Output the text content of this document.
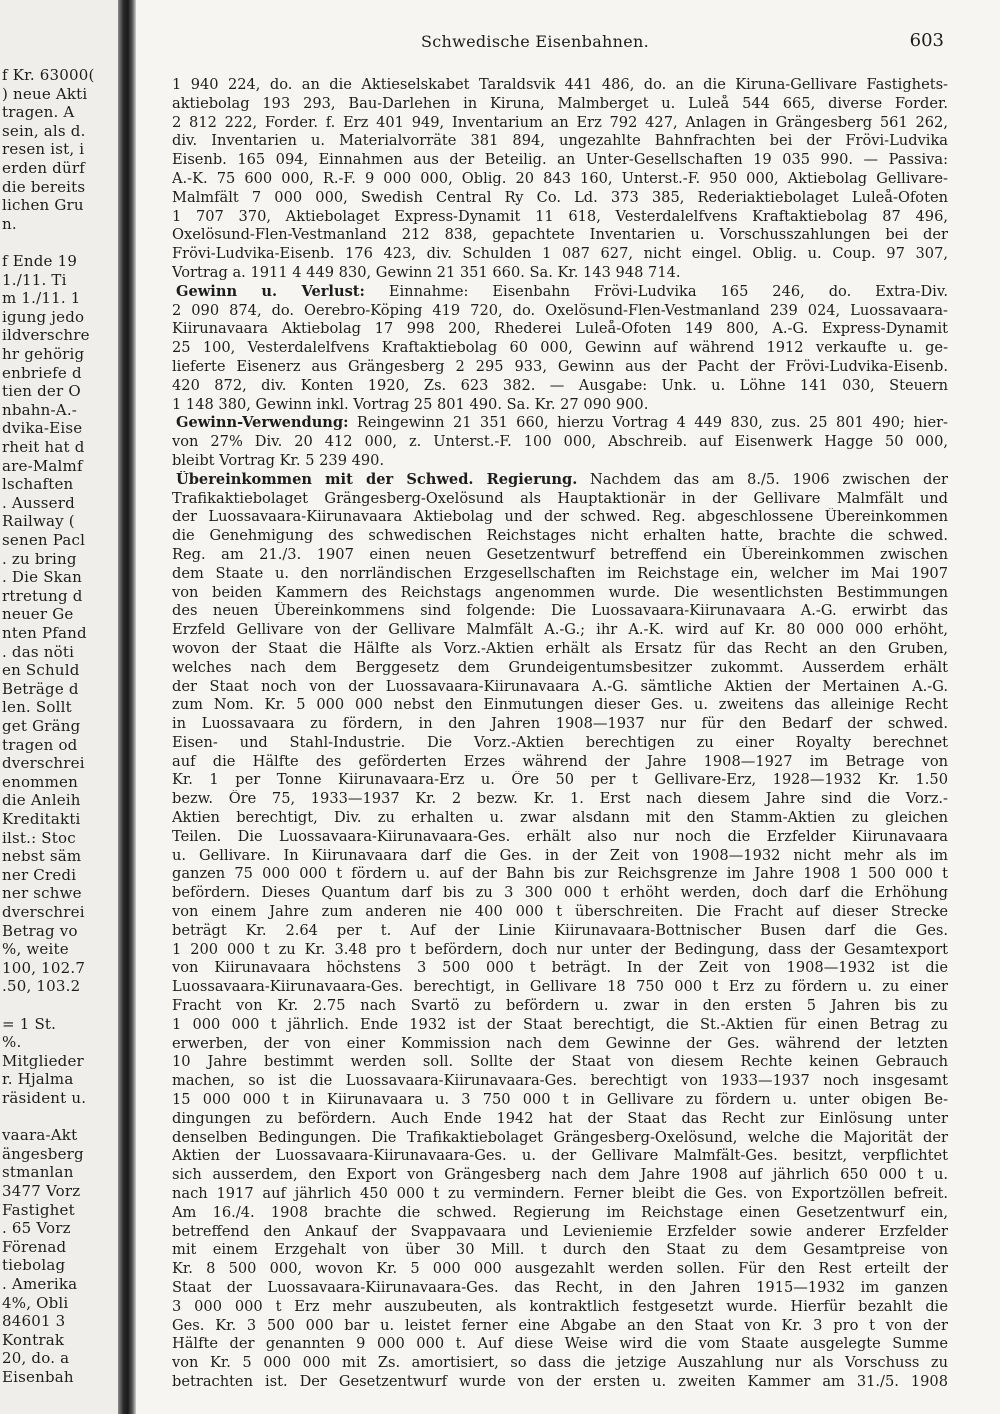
f Kr. 63000(
) neue Akti
tragen. A
sein, als d.
resen ist, i
erden dürf
die bereits
lichen Gru
n.
f Ende 19
1./11. Ti
m 1./11. 1
igung jedo
ildverschre
hr gehörig
enbriefe d
tien der O
nbahn-A.-
dvika-Eise
rheit hat d
are-Malmf
lschaften
. Ausserd
Railway (
senen Pacl
. zu bring
. Die Skan
rtretung d
neuer Ge
nten Pfand
. das nöti
en Schuld
Beträge d
len. Sollt
get Gräng
tragen od
dverschrei
enommen
die Anleih
Kreditakti
ilst.: Stoc
nebst säm
ner Credi
ner schwe
dverschrei
Betrag vo
%, weite
100, 102.7
.50, 103.2
= 1 St.
%.
Mitglieder
r. Hjalma
räsident u.
vaara-Akt
ängesberg
stmanlan
3477 Vorz
Fastighet
. 65 Vorz
Förenad
tiebolag
. Amerika
4%, Obli
84601 3
Kontrak
20, do. a
Eisenbah
Schwedische Eisenbahnen.	603
1 940 224, do. an die Aktieselskabet Taraldsvik 441 486, do. an die Kiruna-Gellivare Fastighets-
aktiebolag 193 293, Bau-Darlehen in Kiruna, Malmberget u. Luleå 544 665, diverse Forder.
2 812 222, Forder. f. Erz 401 949, Inventarium an Erz 792 427, Anlagen in Grängesberg 561 262,
div. Inventarien u. Materialvorräte 381 894, ungezahlte Bahnfrachten bei der Frövi-Ludvika
Eisenb. 165 094, Einnahmen aus der Beteilig. an Unter-Gesellschaften 19 035 990. — Passiva:
A.-K. 75 600 000, R.-F. 9 000 000, Oblig. 20 843 160, Unterst.-F. 950 000, Aktiebolag Gellivare-
Malmfält 7 000 000, Swedish Central Ry Co. Ld. 373 385, Rederiaktiebolaget Luleå-Ofoten
1 707 370, Aktiebolaget Express-Dynamit 11 618, Vesterdalelfvens Kraftaktiebolag 87 496,
Oxelösund-Flen-Vestmanland 212 838, gepachtete Inventarien u. Vorschusszahlungen bei der
Frövi-Ludvika-Eisenb. 176 423, div. Schulden 1 087 627, nicht eingel. Oblig. u. Coup. 97 307,
Vortrag a. 1911 4 449 830, Gewinn 21 351 660. Sa. Kr. 143 948 714.
Gewinn u. Verlust: Einnahme: Eisenbahn Frövi-Ludvika 165 246, do. Extra-Div.
2 090 874, do. Oerebro-Köping 419 720, do. Oxelösund-Flen-Vestmanland 239 024, Luossavaara-
Kiirunavaara Aktiebolag 17 998 200, Rhederei Luleå-Ofoten 149 800, A.-G. Express-Dynamit
25 100, Vesterdalelfvens Kraftaktiebolag 60 000, Gewinn auf während 1912 verkaufte u. ge-
lieferte Eisenerz aus Grängesberg 2 295 933, Gewinn aus der Pacht der Frövi-Ludvika-Eisenb.
420 872, div. Konten 1920, Zs. 623 382. — Ausgabe: Unk. u. Löhne 141 030, Steuern
1 148 380, Gewinn inkl. Vortrag 25 801 490. Sa. Kr. 27 090 900.
Gewinn-Verwendung: Reingewinn 21 351 660, hierzu Vortrag 4 449 830, zus. 25 801 490; hier-
von 27% Div. 20 412 000, z. Unterst.-F. 100 000, Abschreib. auf Eisenwerk Hagge 50 000,
bleibt Vortrag Kr. 5 239 490.
Übereinkommen mit der Schwed. Regierung. Nachdem das am 8./5. 1906 zwischen der
Trafikaktiebolaget Grängesberg-Oxelösund als Hauptaktionär in der Gellivare Malmfält und
der Luossavaara-Kiirunavaara Aktiebolag und der schwed. Reg. abgeschlossene Übereinkommen
die Genehmigung des schwedischen Reichstages nicht erhalten hatte, brachte die schwed.
Reg. am 21./3. 1907 einen neuen Gesetzentwurf betreffend ein Übereinkommen zwischen
dem Staate u. den norrländischen Erzgesellschaften im Reichstage ein, welcher im Mai 1907
von beiden Kammern des Reichstags angenommen wurde. Die wesentlichsten Bestimmungen
des neuen Übereinkommens sind folgende: Die Luossavaara-Kiirunavaara A.-G. erwirbt das
Erzfeld Gellivare von der Gellivare Malmfält A.-G.; ihr A.-K. wird auf Kr. 80 000 000 erhöht,
wovon der Staat die Hälfte als Vorz.-Aktien erhält als Ersatz für das Recht an den Gruben,
welches nach dem Berggesetz dem Grundeigentumsbesitzer zukommt. Ausserdem erhält
der Staat noch von der Luossavaara-Kiirunavaara A.-G. sämtliche Aktien der Mertainen A.-G.
zum Nom. Kr. 5 000 000 nebst den Einmutungen dieser Ges. u. zweitens das alleinige Recht
in Luossavaara zu fördern, in den Jahren 1908—1937 nur für den Bedarf der schwed.
Eisen- und Stahl-Industrie. Die Vorz.-Aktien berechtigen zu einer Royalty berechnet
auf die Hälfte des geförderten Erzes während der Jahre 1908—1927 im Betrage von
Kr. 1 per Tonne Kiirunavaara-Erz u. Öre 50 per t Gellivare-Erz, 1928—1932 Kr. 1.50
bezw. Öre 75, 1933—1937 Kr. 2 bezw. Kr. 1. Erst nach diesem Jahre sind die Vorz.-
Aktien berechtigt, Div. zu erhalten u. zwar alsdann mit den Stamm-Aktien zu gleichen
Teilen. Die Luossavaara-Kiirunavaara-Ges. erhält also nur noch die Erzfelder Kiirunavaara
u. Gellivare. In Kiirunavaara darf die Ges. in der Zeit von 1908—1932 nicht mehr als im
ganzen 75 000 000 t fördern u. auf der Bahn bis zur Reichsgrenze im Jahre 1908 1 500 000 t
befördern. Dieses Quantum darf bis zu 3 300 000 t erhöht werden, doch darf die Erhöhung
von einem Jahre zum anderen nie 400 000 t überschreiten. Die Fracht auf dieser Strecke
beträgt Kr. 2.64 per t. Auf der Linie Kiirunavaara-Bottnischer Busen darf die Ges.
1 200 000 t zu Kr. 3.48 pro t befördern, doch nur unter der Bedingung, dass der Gesamtexport
von Kiirunavaara höchstens 3 500 000 t beträgt. In der Zeit von 1908—1932 ist die
Luossavaara-Kiirunavaara-Ges. berechtigt, in Gellivare 18 750 000 t Erz zu fördern u. zu einer
Fracht von Kr. 2.75 nach Svartö zu befördern u. zwar in den ersten 5 Jahren bis zu
1 000 000 t jährlich. Ende 1932 ist der Staat berechtigt, die St.-Aktien für einen Betrag zu
erwerben, der von einer Kommission nach dem Gewinne der Ges. während der letzten
10 Jahre bestimmt werden soll. Sollte der Staat von diesem Rechte keinen Gebrauch
machen, so ist die Luossavaara-Kiirunavaara-Ges. berechtigt von 1933—1937 noch insgesamt
15 000 000 t in Kiirunavaara u. 3 750 000 t in Gellivare zu fördern u. unter obigen Be-
dingungen zu befördern. Auch Ende 1942 hat der Staat das Recht zur Einlösung unter
denselben Bedingungen. Die Trafikaktiebolaget Grängesberg-Oxelösund, welche die Majorität der
Aktien der Luossavaara-Kiirunavaara-Ges. u. der Gellivare Malmfält-Ges. besitzt, verpflichtet
sich ausserdem, den Export von Grängesberg nach dem Jahre 1908 auf jährlich 650 000 t u.
nach 1917 auf jährlich 450 000 t zu vermindern. Ferner bleibt die Ges. von Exportzöllen befreit.
Am 16./4. 1908 brachte die schwed. Regierung im Reichstage einen Gesetzentwurf ein,
betreffend den Ankauf der Svappavaara und Levieniemie Erzfelder sowie anderer Erzfelder
mit einem Erzgehalt von über 30 Mill. t durch den Staat zu dem Gesamtpreise von
Kr. 8 500 000, wovon Kr. 5 000 000 ausgezahlt werden sollen. Für den Rest erteilt der
Staat der Luossavaara-Kiirunavaara-Ges. das Recht, in den Jahren 1915—1932 im ganzen
3 000 000 t Erz mehr auszubeuten, als kontraktlich festgesetzt wurde. Hierfür bezahlt die
Ges. Kr. 3 500 000 bar u. leistet ferner eine Abgabe an den Staat von Kr. 3 pro t von der
Hälfte der genannten 9 000 000 t. Auf diese Weise wird die vom Staate ausgelegte Summe
von Kr. 5 000 000 mit Zs. amortisiert, so dass die jetzige Auszahlung nur als Vorschuss zu
betrachten ist. Der Gesetzentwurf wurde von der ersten u. zweiten Kammer am 31./5. 1908
